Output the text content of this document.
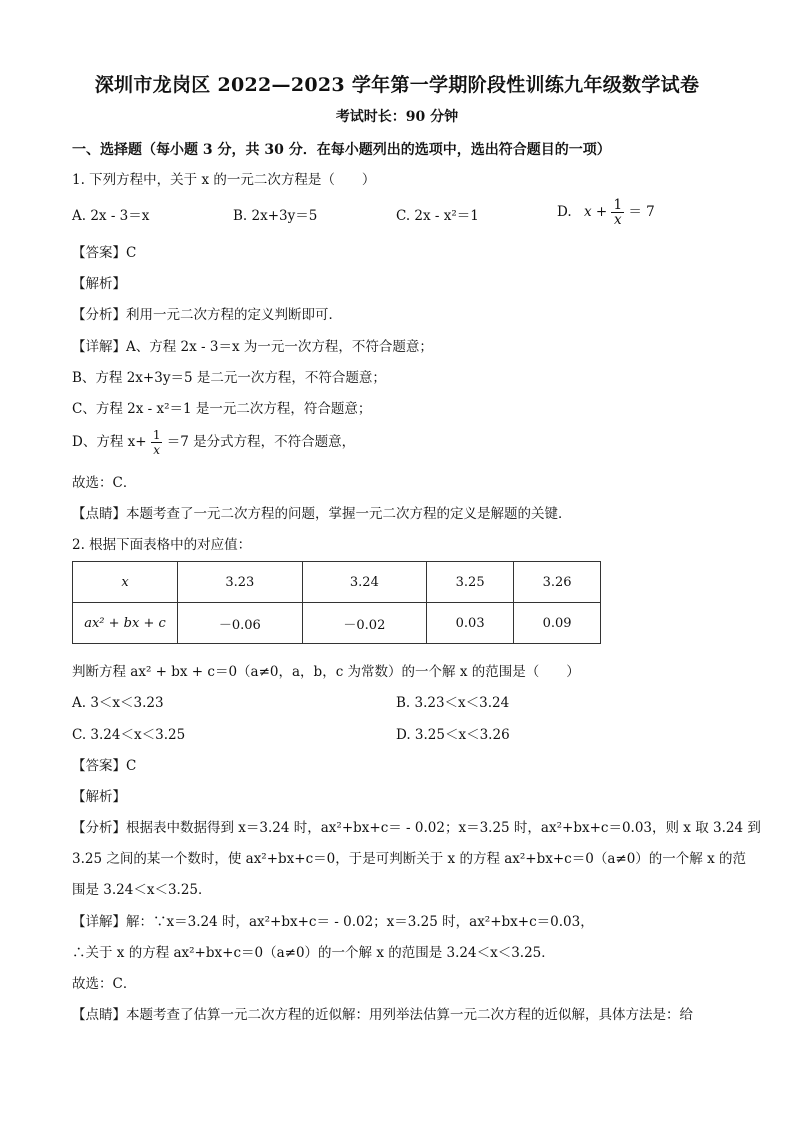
深圳市龙岗区 2022—2023 学年第一学期阶段性训练九年级数学试卷
考试时长：90 分钟
一、选择题（每小题 3 分，共 30 分．在每小题列出的选项中，选出符合题目的一项）
1. 下列方程中，关于 x 的一元二次方程是（　　）
A. 2x - 3＝x	B. 2x+3y＝5	C. 2x - x²＝1	D. $x + \frac{1}{x} = 7$
【答案】C
【解析】
【分析】利用一元二次方程的定义判断即可．
【详解】A、方程 2x - 3＝x 为一元一次方程，不符合题意；
B、方程 2x+3y＝5 是二元一次方程，不符合题意；
C、方程 2x - x²＝1 是一元二次方程，符合题意；
D、方程 $x+ \frac{1}{x} =7$ 是分式方程，不符合题意，
故选：C．
【点睛】本题考查了一元二次方程的问题，掌握一元二次方程的定义是解题的关键．
2. 根据下面表格中的对应值：
x	3.23	3.24	3.25	3.26
ax² + bx + c	－0.06	－0.02	0.03	0.09
判断方程 ax² + bx + c＝0（a≠0，a，b，c 为常数）的一个解 x 的范围是（　　）
A. 3＜x＜3.23	B. 3.23＜x＜3.24
C. 3.24＜x＜3.25	D. 3.25＜x＜3.26
【答案】C
【解析】
【分析】根据表中数据得到 x＝3.24 时，ax²+bx+c＝ - 0.02；x＝3.25 时，ax²+bx+c＝0.03，则 x 取 3.24 到
3.25 之间的某一个数时，使 ax²+bx+c＝0，于是可判断关于 x 的方程 ax²+bx+c＝0（a≠0）的一个解 x 的范
围是 3.24＜x＜3.25．
【详解】解：∵x＝3.24 时，ax²+bx+c＝ - 0.02；x＝3.25 时，ax²+bx+c＝0.03，
∴关于 x 的方程 ax²+bx+c＝0（a≠0）的一个解 x 的范围是 3.24＜x＜3.25．
故选：C．
【点睛】本题考查了估算一元二次方程的近似解：用列举法估算一元二次方程的近似解，具体方法是：给
